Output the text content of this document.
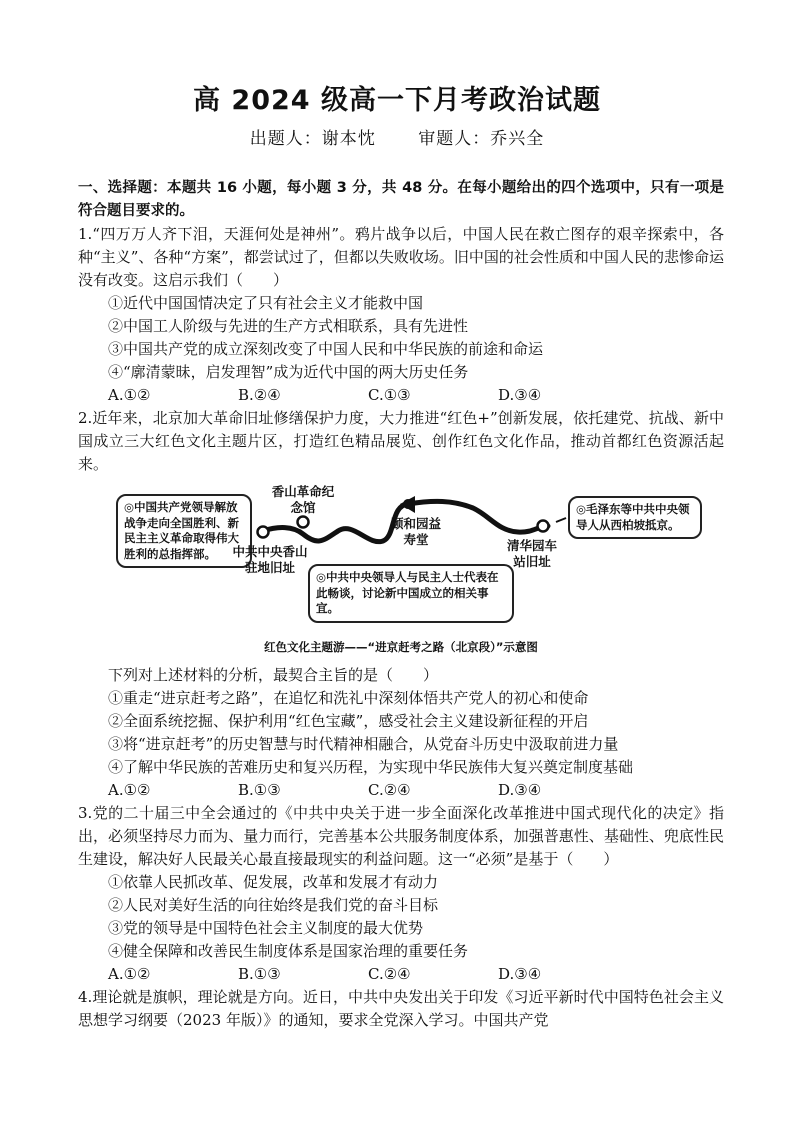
高 2024 级高一下月考政治试题
出题人：谢本忱 审题人：乔兴全

一、选择题：本题共 16 小题，每小题 3 分，共 48 分。在每小题给出的四个选项中，只有一项是符合题目要求的。

1.“四万万人齐下泪，天涯何处是神州”。鸦片战争以后，中国人民在救亡图存的艰辛探索中，各种“主义”、各种“方案”，都尝试过了，但都以失败收场。旧中国的社会性质和中国人民的悲惨命运没有改变。这启示我们（　　）

①近代中国国情决定了只有社会主义才能救中国

②中国工人阶级与先进的生产方式相联系，具有先进性

③中国共产党的成立深刻改变了中国人民和中华民族的前途和命运

④“廓清蒙昧，启发理智”成为近代中国的两大历史任务

A.①②	B.②④	C.①③	D.③④

2.近年来，北京加大革命旧址修缮保护力度，大力推进“红色+”创新发展，依托建党、抗战、新中国成立三大红色文化主题片区，打造红色精品展览、创作红色文化作品，推动首都红色资源活起来。

◎中国共产党领导解放战争走向全国胜利、新民主主义革命取得伟大胜利的总指挥部。
◎中共中央领导人与民主人士代表在此畅谈，讨论新中国成立的相关事宜。
◎毛泽东等中共中央领导人从西柏坡抵京。
香山革命纪念馆
中共中央香山驻地旧址
颐和园益寿堂	清华园车站旧址
红色文化主题游——“进京赶考之路（北京段）”示意图

下列对上述材料的分析，最契合主旨的是（　　）

①重走“进京赶考之路”，在追忆和洗礼中深刻体悟共产党人的初心和使命

②全面系统挖掘、保护利用“红色宝藏”，感受社会主义建设新征程的开启

③将“进京赶考”的历史智慧与时代精神相融合，从党奋斗历史中汲取前进力量

④了解中华民族的苦难历史和复兴历程，为实现中华民族伟大复兴奠定制度基础

A.①②	B.①③	C.②④	D.③④

3.党的二十届三中全会通过的《中共中央关于进一步全面深化改革推进中国式现代化的决定》指出，必须坚持尽力而为、量力而行，完善基本公共服务制度体系，加强普惠性、基础性、兜底性民生建设，解决好人民最关心最直接最现实的利益问题。这一“必须”是基于（　　）

①依靠人民抓改革、促发展，改革和发展才有动力

②人民对美好生活的向往始终是我们党的奋斗目标

③党的领导是中国特色社会主义制度的最大优势

④健全保障和改善民生制度体系是国家治理的重要任务

A.①②	B.①③	C.②④	D.③④

4.理论就是旗帜，理论就是方向。近日，中共中央发出关于印发《习近平新时代中国特色社会主义思想学习纲要（2023 年版）》的通知，要求全党深入学习。中国共产党
